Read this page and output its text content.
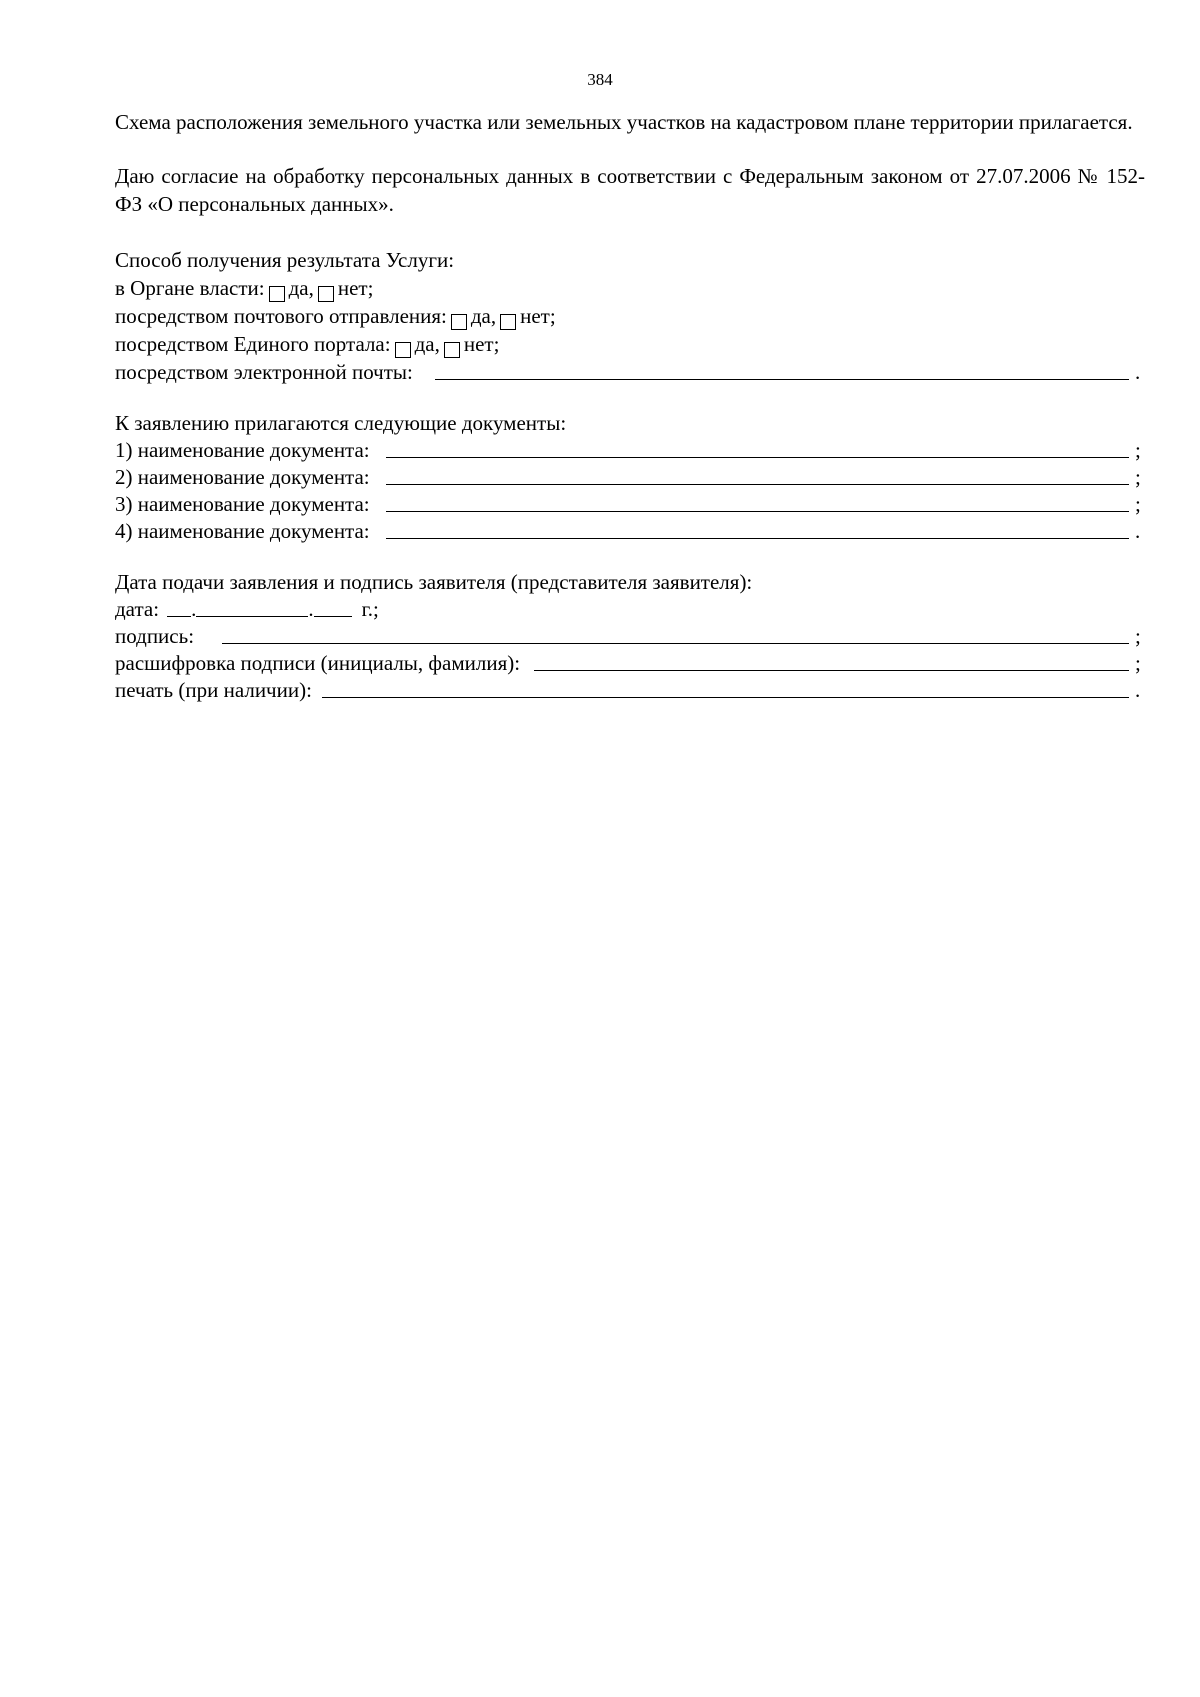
384
Схема расположения земельного участка или земельных участков на кадастровом плане территории прилагается.
Даю согласие на обработку персональных данных в соответствии с Федеральным законом от 27.07.2006 № 152-ФЗ «О персональных данных».
Способ получения результата Услуги:
в Органе власти: да, нет;
посредством почтового отправления: да, нет;
посредством Единого портала: да, нет;
посредством электронной почты:	.
К заявлению прилагаются следующие документы:
1) наименование документа:	;
2) наименование документа:	;
3) наименование документа:	;
4) наименование документа:	.
Дата подачи заявления и подпись заявителя (представителя заявителя):
дата: .	. г.;
подпись:	;
расшифровка подписи (инициалы, фамилия):	;
печать (при наличии):	.
